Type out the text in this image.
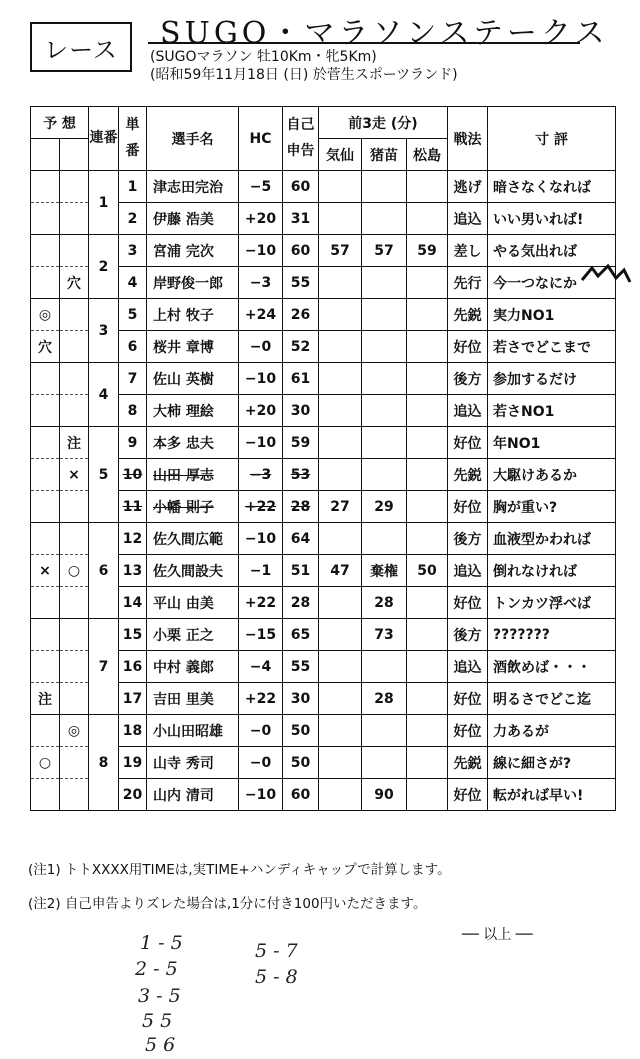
レース SUGO・マラソンステークス
(SUGOマラソン 牡10Km・牝5Km)
(昭和59年11月18日 (日) 於菅生スポーツランド)
予 想		連番	単番	選手名	HC	自己申告	前3走 (分)			戦法	寸 評
							気仙	猪苗	松島		
		1	1	津志田完治	−5	60				逃げ	暗さなくなれば
			2	伊藤 浩美	+20	31				追込	いい男いれば!
		2	3	宮浦 完次	−10	60	57	57	59	差し	やる気出れば
	穴		4	岸野俊一郎	−3	55				先行	今一つなにか
◎		3	5	上村 牧子	+24	26				先鋭	実力NO1
穴			6	桜井 章博	−0	52				好位	若さでどこまで
		4	7	佐山 英樹	−10	61				後方	参加するだけ
			8	大柿 理絵	+20	30				追込	若さNO1
	注	5	9	本多 忠夫	−10	59				好位	年NO1
	×		10	山田 厚志	−3	53				先鋭	大駆けあるか
			11	小幡 則子	+22	28	27	29		好位	胸が重い?
		6	12	佐久間広範	−10	64				後方	血液型かわれば
×	○		13	佐久間設夫	−1	51	47	棄権	50	追込	倒れなければ
			14	平山 由美	+22	28		28		好位	トンカツ浮べば
		7	15	小栗 正之	−15	65		73		後方	???????
			16	中村 義郎	−4	55				追込	酒飲めば・・・
注			17	吉田 里美	+22	30		28		好位	明るさでどこ迄
	◎	8	18	小山田昭雄	−0	50				好位	力あるが
○			19	山寺 秀司	−0	50				先鋭	線に細さが?
			20	山内 清司	−10	60		90		好位	転がれば早い!
(注1) トトXXXX用TIMEは,実TIME+ハンディキャップで計算します。
(注2) 自己申告よりズレた場合は,1分に付き100円いただきます。
── 以上 ──
1 - 5
2 - 5
3 - 5
5 5
5 6
5 - 7
5 - 8
